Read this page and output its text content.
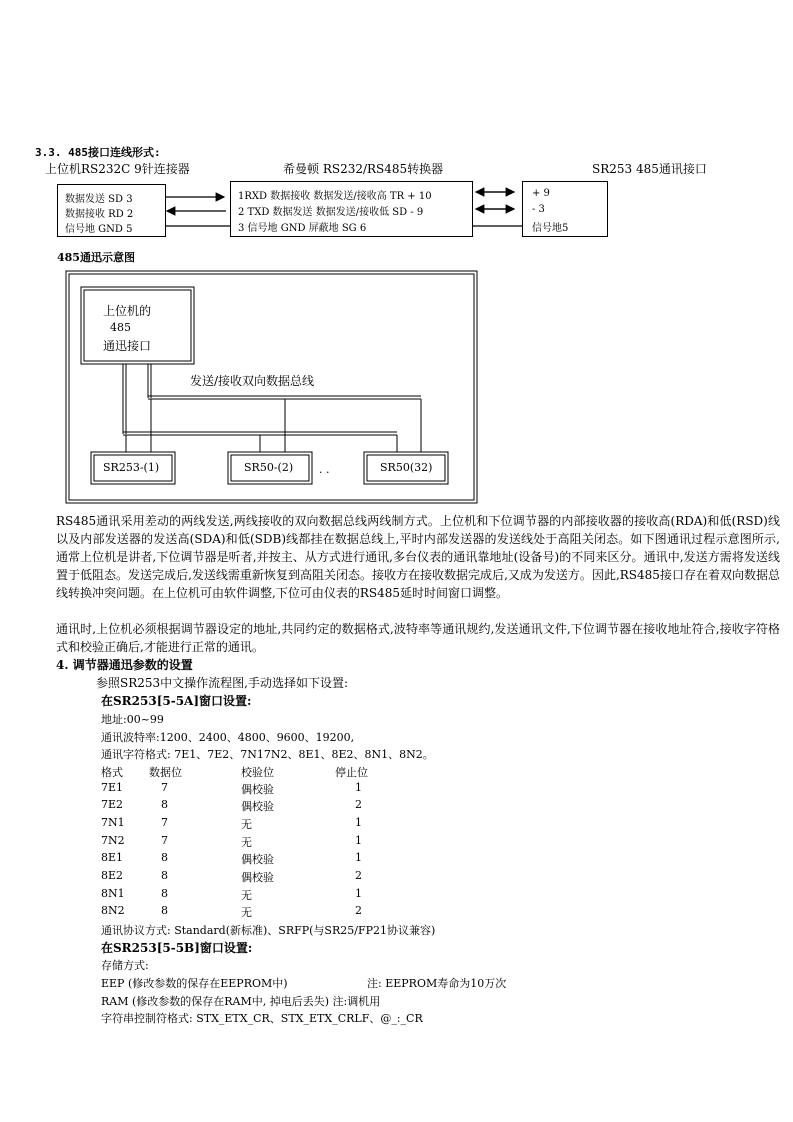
3.3. 485接口连线形式:
上位机RS232C 9针连接器	希曼顿 RS232/RS485转换器	SR253 485通讯接口
数据发送 SD 3
数据接收 RD 2
信号地 GND 5
1RXD 数据接收 数据发送/接收高 TR + 10
2 TXD 数据发送 数据发送/接收低 SD - 9
3 信号地 GND 屏蔽地 SG 6
+ 9
- 3
信号地5
485通迅示意图
上位机的
485
通迅接口
发送/接收双向数据总线
SR253-(1)	SR50-(2) . .	SR50(32)
RS485通讯采用差动的两线发送,两线接收的双向数据总线两线制方式。上位机和下位调节器的内部接收器的接收高(RDA)和低(RSD)线以及内部发送器的发送高(SDA)和低(SDB)线都挂在数据总线上,平时内部发送器的发送线处于高阻关闭态。如下图通讯过程示意图所示,通常上位机是讲者,下位调节器是听者,并按主、从方式进行通讯,多台仪表的通讯靠地址(设备号)的不同来区分。通讯中,发送方需将发送线置于低阻态。发送完成后,发送线需重新恢复到高阻关闭态。接收方在接收数据完成后,又成为发送方。因此,RS485接口存在着双向数据总线转换冲突问题。在上位机可由软件调整,下位可由仪表的RS485延时时间窗口调整。
通讯时,上位机必须根据调节器设定的地址,共同约定的数据格式,波特率等通讯规约,发送通讯文件,下位调节器在接收地址符合,接收字符格式和校验正确后,才能进行正常的通讯。
4. 调节器通迅参数的设置
参照SR253中文操作流程图,手动选择如下设置:
在SR253[5-5A]窗口设置:
地址:00~99
通讯波特率:1200、2400、4800、9600、19200,
通讯字符格式: 7E1、7E2、7N17N2、8E1、8E2、8N1、8N2。
格式 数据位	校验位	停止位
7E1	7	偶校验	1
7E2	8	偶校验	2
7N1	7	无	1
7N2	7	无	1
8E1	8	偶校验	1
8E2	8	偶校验	2
8N1	8	无	1
8N2	8	无	2
通讯协议方式: Standard(新标准)、SRFP(与SR25/FP21协议兼容)
在SR253[5-5B]窗口设置:
存储方式:
EEP (修改参数的保存在EEPROM中)	注: EEPROM寿命为10万次
RAM (修改参数的保存在RAM中, 掉电后丢失) 注:调机用
字符串控制符格式: STX_ETX_CR、STX_ETX_CRLF、@_:_CR
